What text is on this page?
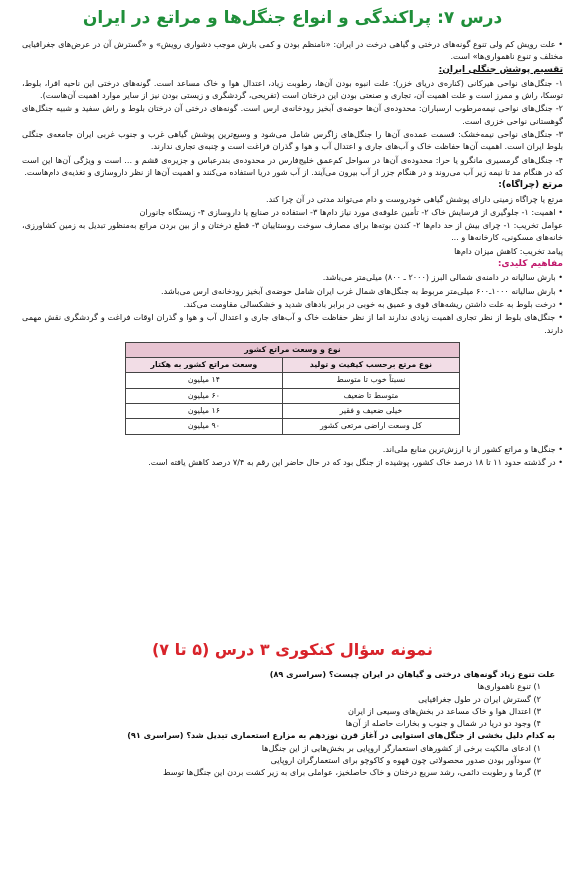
درس ۷: پراکندگی و انواع جنگل‌ها و مراتع در ایران

• علت رویش کم ولی تنوع گونه‌های درختی و گیاهی درخت در ایران: «نامنظم بودن و کمی بارش موجب دشواری رویش» و «گسترش آن در عرض‌های جغرافیایی مختلف و تنوع ناهمواری‌ها» است.

تقسیم پوشش جنگلی ایران:

۱- جنگل‌های نواحی هیرکانی (کناره‌ی دریای خزر): علت انبوه بودن آن‌ها، رطوبت زیاد، اعتدال هوا و خاک مساعد است. گونه‌های درختی این ناحیه افرا، بلوط، توسکا، راش و ممرز است و علت اهمیت آن، تجاری و صنعتی بودن این درختان است (تفریحی، گردشگری و زیستی بودن نیز از سایر موارد اهمیت آن‌هاست).

۲- جنگل‌های نواحی نیمه‌مرطوب ارسباران: محدوده‌ی آن‌ها حوضه‌ی آبخیز رودخانه‌ی ارس است. گونه‌های درختی آن درختان بلوط و راش سفید و شبیه جنگل‌های گوهستانی نواحی خزری است.

۳- جنگل‌های نواحی نیمه‌خشک: قسمت عمده‌ی آن‌ها را جنگل‌های زاگرس شامل می‌شود و وسیع‌ترین پوشش گیاهی غرب و جنوب غربی ایران جامعه‌ی جنگلی بلوط ایران است. اهمیت آن‌ها حفاظت خاک و آب‌های جاری و اعتدال آب و هوا و گذران فراغت است و چنبه‌ی تجاری ندارند.

۴- جنگل‌های گرمسیری مانگرو یا حرا: محدوده‌ی آن‌ها در سواحل کم‌عمق خلیج‌فارس در محدوده‌ی بندرعباس و جزیره‌ی قشم و ... است و ویژگی آن‌ها این است که در هنگام مد تا نیمه زیر آب می‌روند و در هنگام جزر از آب بیرون می‌آیند. از آب شور دریا استفاده می‌کنند و اهمیت آن‌ها از نظر داروسازی و تغذیه‌ی دام‌هاست.

مرتع (چراگاه):

مرتع یا چراگاه زمینی دارای پوشش گیاهی خودروست و دام می‌تواند مدتی در آن چرا کند.

• اهمیت: ۱- جلوگیری از فرسایش خاک ۲- تأمین علوفه‌ی مورد نیاز دام‌ها ۳- استفاده در صنایع یا داروسازی ۴- زیستگاه جانوران

عوامل تخریب: ۱- چرای بیش از حد دام‌ها ۲- کندن بوته‌ها برای مصارف سوخت روستاییان ۳- قطع درختان و از بین بردن مراتع به‌منظور تبدیل به زمین کشاورزی، خانه‌های مسکونی، کارخانه‌ها و ...

پیامد تخریب: کاهش میزان دام‌ها

مفاهیم کلیدی:

• بارش سالیانه در دامنه‌ی شمالی البرز (۲۰۰۰ ـ ۸۰۰) میلی‌متر می‌باشد.

• بارش سالیانه ۱۰۰۰ـ۶۰۰ میلی‌متر مربوط به جنگل‌های شمال غرب ایران شامل حوضه‌ی آبخیز رودخانه‌ی ارس می‌باشد.

• درخت بلوط به علت داشتن ریشه‌های قوی و عمیق به خوبی در برابر بادهای شدید و خشکسالی مقاومت می‌کند.

• جنگل‌های بلوط از نظر تجاری اهمیت زیادی ندارند اما از نظر حفاظت خاک و آب‌های جاری و اعتدال آب و هوا و گذران اوقات فراغت و گردشگری نقش مهمی دارند.

نوع و وسعت مراتع کشور	
نوع مرتع برحسب کیفیت و تولید	وسعت مراتع کشور به هکتار
نسبتاً خوب تا متوسط	۱۴ میلیون
متوسط تا ضعیف	۶۰ میلیون
خیلی ضعیف و فقیر	۱۶ میلیون
کل وسعت اراضی مرتعی کشور	۹۰ میلیون

• جنگل‌ها و مراتع کشور از با ارزش‌ترین منابع ملی‌اند.

• در گذشته حدود ۱۱ تا ۱۸ درصد خاک کشور، پوشیده از جنگل بود که در حال حاضر این رقم به ۷/۴ درصد کاهش یافته است.

نمونه سؤال کنکوری ۳ درس (۵ تا ۷)

علت تنوع زیاد گونه‌های درختی و گیاهان در ایران چیست؟ (سراسری ۸۹)

۱) تنوع ناهمواری‌ها

۲) گسترش ایران در طول جغرافیایی

۳) اعتدال هوا و خاک مساعد در بخش‌های وسیعی از ایران

۴) وجود دو دریا در شمال و جنوب و بخارات حاصله از آن‌ها

به کدام دلیل بخشی از جنگل‌های استوایی در آغاز قرن نوزدهم به مزارع استعماری تبدیل شد؟ (سراسری ۹۱)

۱) ادعای مالکیت برخی از کشورهای استعمارگر اروپایی بر بخش‌هایی از این جنگل‌ها

۲) سودآور بودن صدور محصولاتی چون قهوه و کاکوچو برای استعمارگران اروپایی

۳) گرما و رطوبت دائمی، رشد سریع درختان و خاک حاصلخیز، عواملی برای به زیر کشت بردن این جنگل‌ها توسط
